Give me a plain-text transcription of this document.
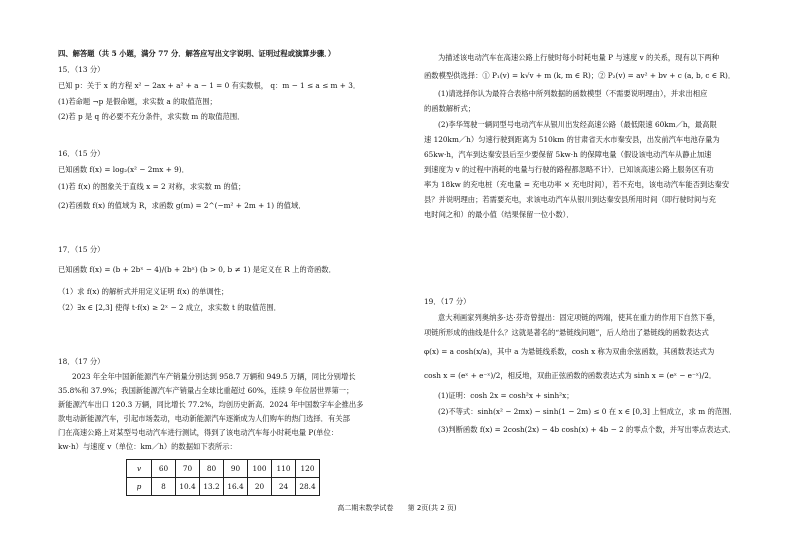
四、解答题（共 5 小题，满分 77 分．解答应写出文字说明、证明过程或演算步骤．）
15．（13 分）
已知 p：关于 x 的方程 x² − 2ax + a² + a − 1 = 0 有实数根， q：m − 1 ≤ a ≤ m + 3．
(1)若命题 ¬p 是假命题，求实数 a 的取值范围；
(2)若 p 是 q 的必要不充分条件，求实数 m 的取值范围．
16．（15 分）
已知函数 f(x) = log₂(x² − 2mx + 9)．
(1)若 f(x) 的图象关于直线 x = 2 对称，求实数 m 的值；
(2)若函数 f(x) 的值域为 R，求函数 g(m) = 2^(−m² + 2m + 1) 的值域．
17．（15 分）
已知函数 f(x) = (b + 2bˣ − 4)/(b + 2bˣ) (b > 0, b ≠ 1) 是定义在 R 上的奇函数．
（1）求 f(x) 的解析式并用定义证明 f(x) 的单调性；
（2）∃x ∈ [2,3] 使得 t·f(x) ≥ 2ˣ − 2 成立，求实数 t 的取值范围．
18．（17 分）
2023 年全年中国新能源汽车产销量分别达到 958.7 万辆和 949.5 万辆，同比分别增长
35.8%和 37.9%；我国新能源汽车产销量占全球比重超过 60%，连续 9 年位居世界第一；
新能源汽车出口 120.3 万辆，同比增长 77.2%，均创历史新高．2024 年中国数字车企推出多
款电动新能源汽车，引起市场轰动，电动新能源汽车逐渐成为人们购车的热门选择．有关部
门在高速公路上对某型号电动汽车进行测试，得到了该电动汽车每小时耗电量 P(单位：
kw·h）与速度 v（单位：km／h）的数据如下表所示：
v	60	70	80	90	100	110	120
p	8	10.4	13.2	16.4	20	24	28.4
为描述该电动汽车在高速公路上行驶时每小时耗电量 P 与速度 v 的关系，现有以下两种
函数模型供选择：① P₁(v) = k√v + m (k, m ∈ R)；② P₂(v) = av² + bv + c (a, b, c ∈ R)．
(1)请选择你认为最符合表格中所列数据的函数模型（不需要说明理由），并求出相应
的函数解析式；
(2)李华驾驶一辆同型号电动汽车从银川出发经高速公路（最低限速 60km／h，最高限
速 120km／h）匀速行驶到距离为 510km 的甘肃省天水市秦安县，出发前汽车电池存量为
65kw·h，汽车到达秦安县后至少要保留 5kw·h 的保障电量（假设该电动汽车从静止加速
到速度为 v 的过程中消耗的电量与行驶的路程都忽略不计）．已知该高速公路上服务区有功
率为 18kw 的充电桩（充电量 = 充电功率 × 充电时间），若不充电，该电动汽车能否到达秦安
县？并说明理由；若需要充电，求该电动汽车从银川到达秦安县所用时间（即行驶时间与充
电时间之和）的最小值（结果保留一位小数）．
19．（17 分）
意大利画家列奥纳多·达·芬奇曾提出：固定项链的两端，使其在重力的作用下自然下垂，
项链所形成的曲线是什么？这就是著名的“悬链线问题”，后人给出了悬链线的函数表达式
φ(x) = a cosh(x/a)，其中 a 为悬链线系数，cosh x 称为双曲余弦函数，其函数表达式为
cosh x = (eˣ + e⁻ˣ)/2，相反地，双曲正弦函数的函数表达式为 sinh x = (eˣ − e⁻ˣ)/2．
(1)证明：cosh 2x = cosh²x + sinh²x；
(2)不等式：sinh(x² − 2mx) − sinh(1 − 2m) ≤ 0 在 x ∈ [0,3] 上恒成立，求 m 的范围．
(3)判断函数 f(x) = 2cosh(2x) − 4b cosh(x) + 4b − 2 的零点个数，并写出零点表达式．
高二期末数学试卷 第 2页(共 2 页)
